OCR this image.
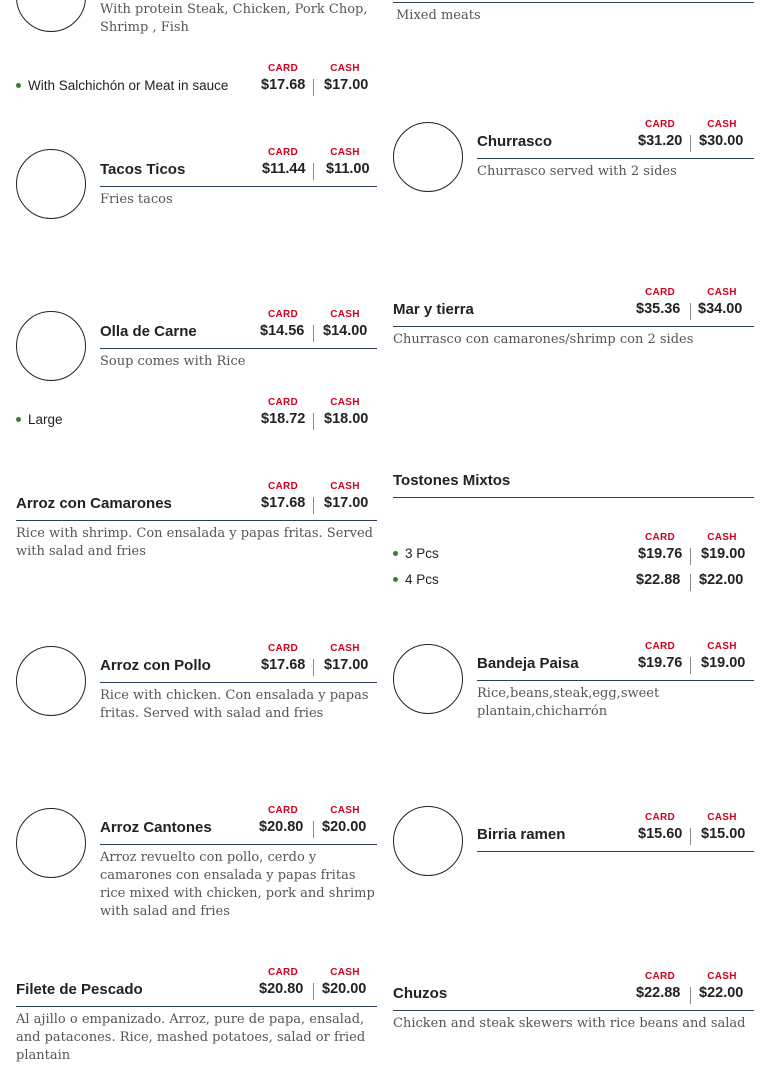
With protein Steak, Chicken, Pork Chop, Shrimp , Fish
With Salchichón or Meat in sauce
CARD	CASH
$17.68 $17.00
Tacos Ticos
CARD	CASH
$11.44 $11.00
Fries tacos
Olla de Carne
CARD	CASH
$14.56 $14.00
Soup comes with Rice
Large
CARD	CASH
$18.72 $18.00
Arroz con Camarones
CARD	CASH
$17.68 $17.00
Rice with shrimp. Con ensalada y papas fritas. Served with salad and fries
Arroz con Pollo
CARD	CASH
$17.68 $17.00
Rice with chicken. Con ensalada y papas fritas. Served with salad and fries
Arroz Cantones
CARD	CASH
$20.80 $20.00
Arroz revuelto con pollo, cerdo y camarones con ensalada y papas fritas rice mixed with chicken, pork and shrimp with salad and fries
Filete de Pescado
CARD	CASH
$20.80 $20.00
Al ajillo o empanizado. Arroz, pure de papa, ensalad, and patacones. Rice, mashed potatoes, salad or fried plantain
Mixed meats
Churrasco
CARD	CASH
$31.20 $30.00
Churrasco served with 2 sides
Mar y tierra
CARD	CASH
$35.36 $34.00
Churrasco con camarones/shrimp con 2 sides
Tostones Mixtos
3 Pcs
CARD	CASH
$19.76 $19.00
4 Pcs	$22.88 $22.00
Bandeja Paisa
CARD	CASH
$19.76 $19.00
Rice,beans,steak,egg,sweet plantain,chicharrón
Birria ramen
CARD	CASH
$15.60 $15.00
Chuzos
CARD	CASH
$22.88 $22.00
Chicken and steak skewers with rice beans and salad
